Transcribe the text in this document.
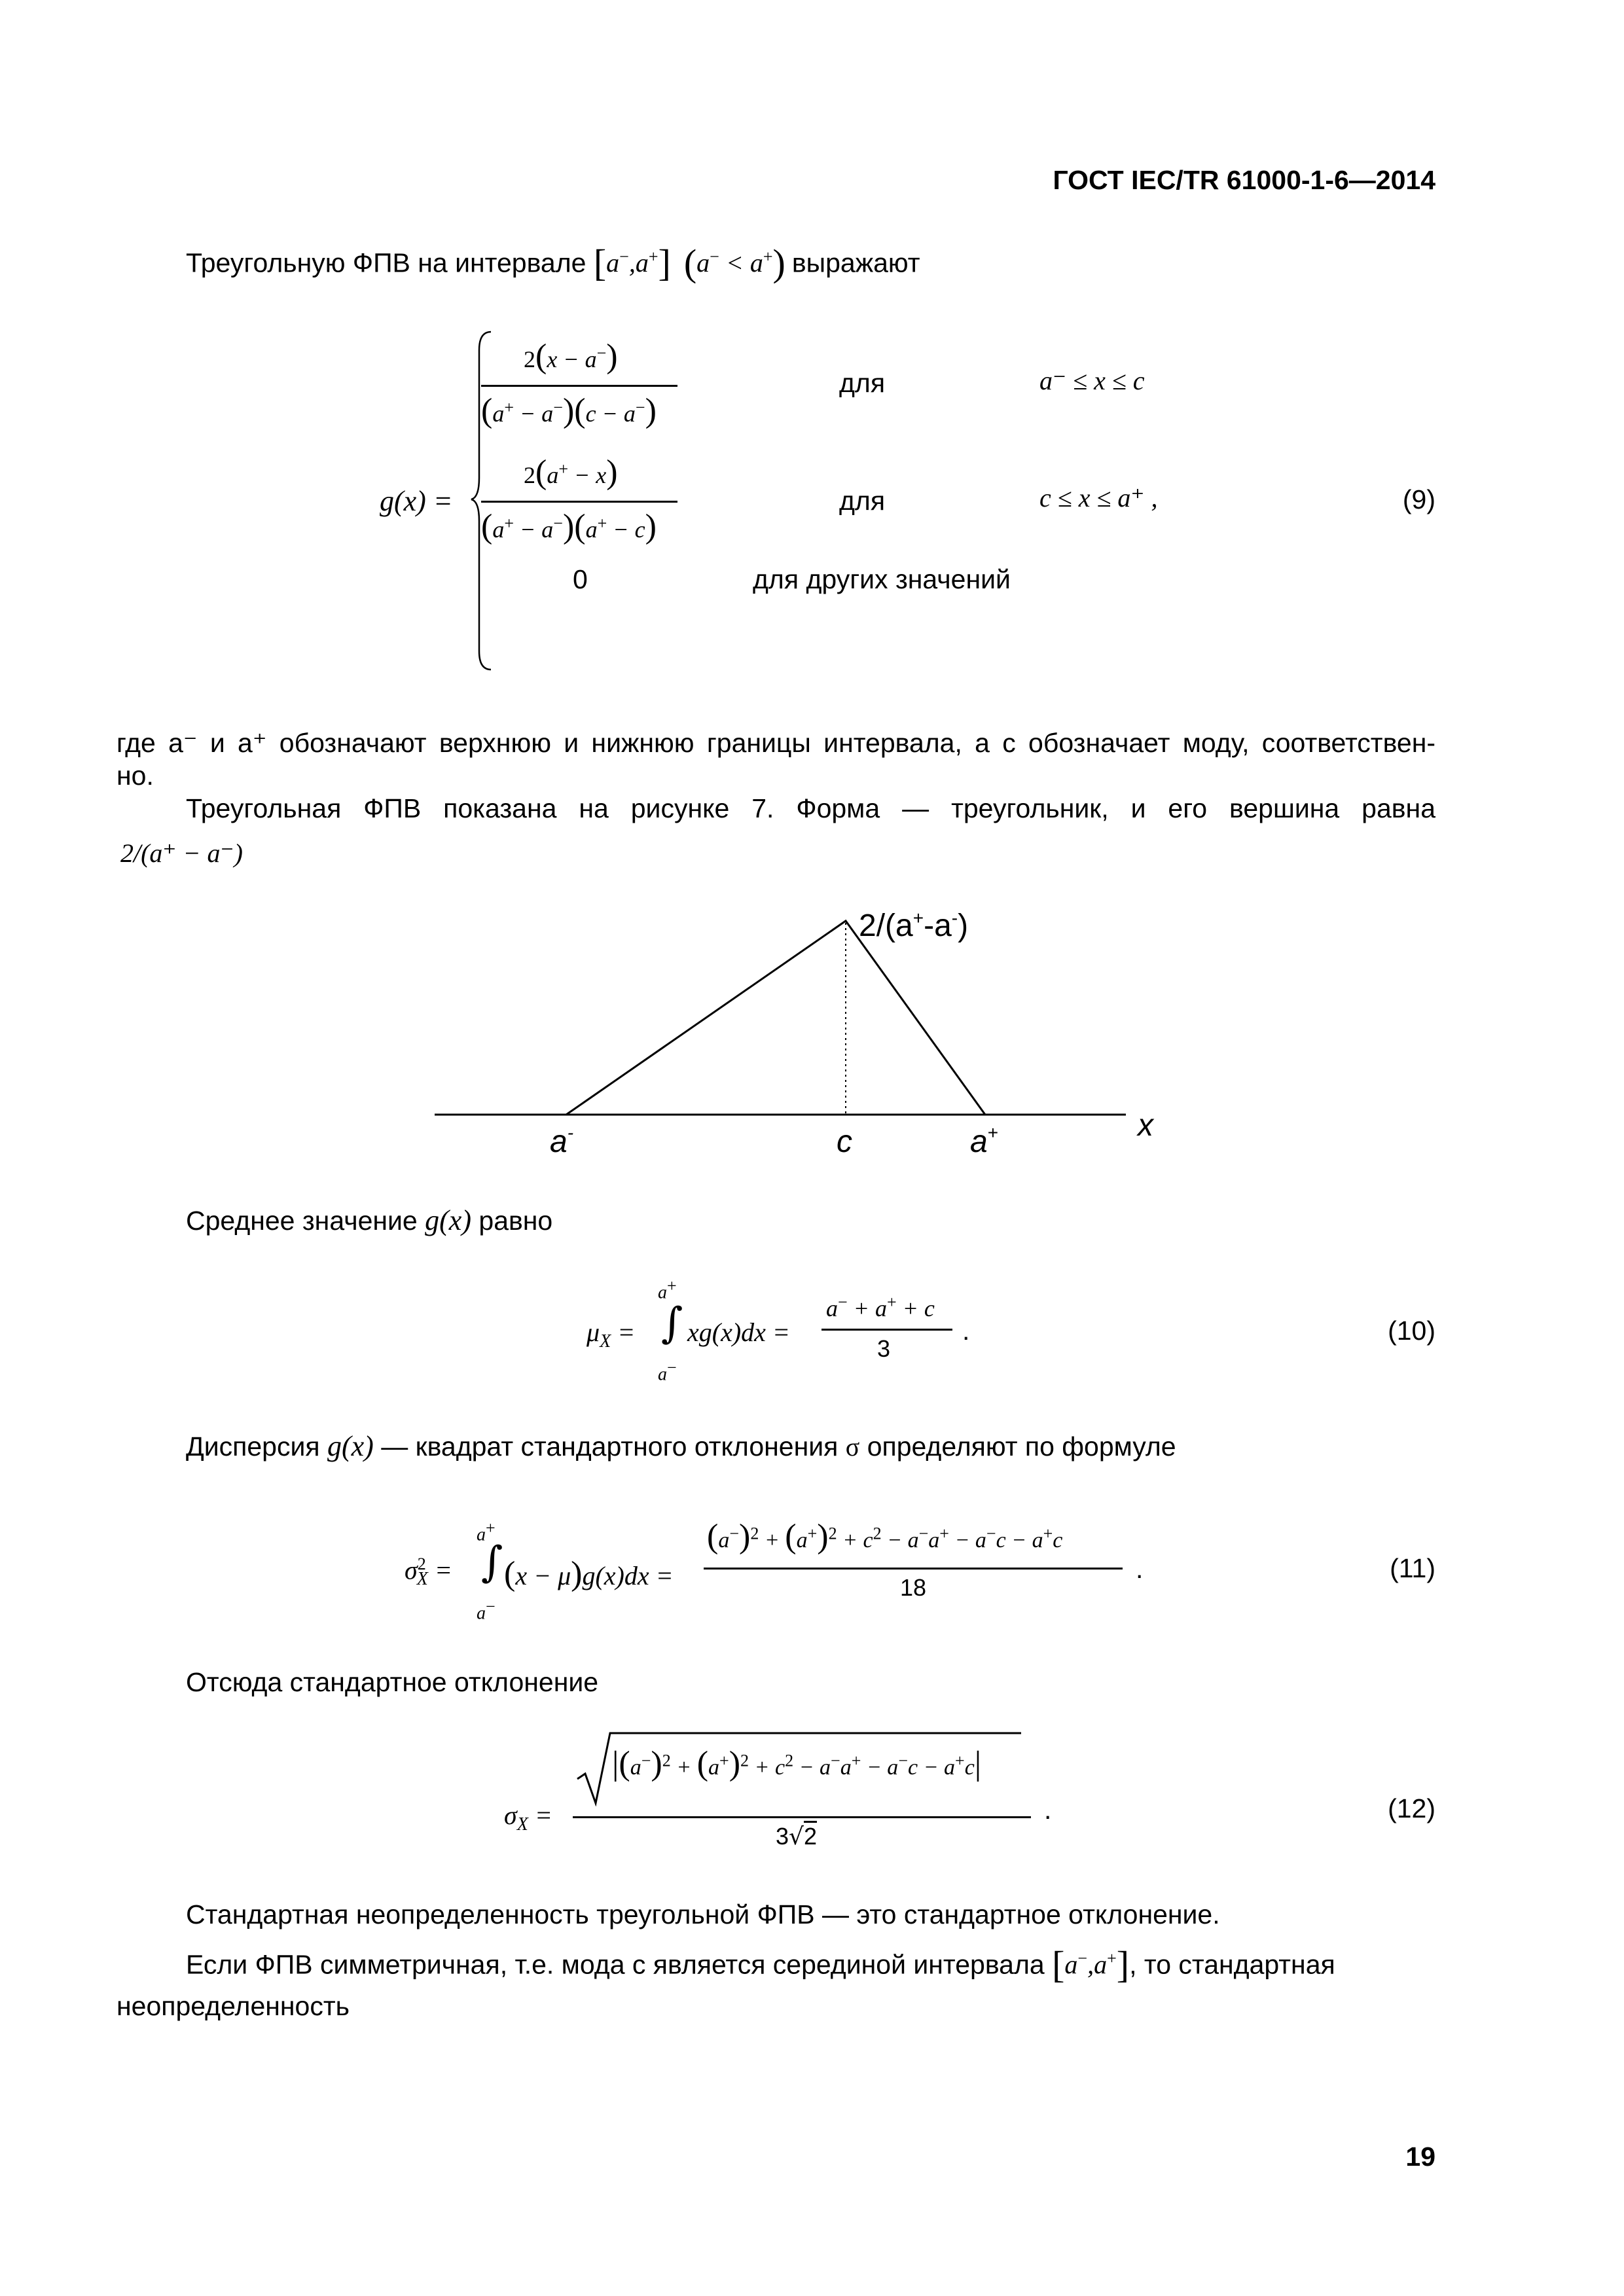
ГОСТ IEC/TR 61000-1-6—2014
Треугольную ФПВ на интервале [a−,a+] (a− < a+) выражают
g(x) =
2(x − a−)
(a+ − a−)(c − a−)
для	a⁻ ≤ x ≤ c
2(a+ − x)
(a+ − a−)(a+ − c)
для	c ≤ x ≤ a⁺ ,
0	для других значений
(9)
где a⁻ и a⁺ обозначают верхнюю и нижнюю границы интервала, а c обозначает моду, соответствен-
но.
Треугольная ФПВ показана на рисунке 7. Форма — треугольник, и его вершина равна
2/(a⁺ − a⁻)
2/(a+-a-)
a-	c	a+	x
Среднее значение g(x) равно
$\mu_X$ =
a+
∫
a−
xg(x)dx =
a− + a+ + c
3
.	(10)
Дисперсия g(x) — квадрат стандартного отклонения σ определяют по формуле
$\sigma^2_X$ =
a+
∫
a−
(x − μ)g(x)dx =
$(a^-)^2 + (a^+)^2 + c^2 - a^-a^+ - a^-c - a^+c$
18
.	(11)
Отсюда стандартное отклонение
$\sigma_X$ =
$|(a^-)^2 + (a^+)^2 + c^2 - a^-a^+ - a^-c - a^+c|$
3√2
.	(12)
Стандартная неопределенность треугольной ФПВ — это стандартное отклонение.
Если ФПВ симметричная, т.е. мода c является серединой интервала [a−,a+], то стандартная
неопределенность
19
